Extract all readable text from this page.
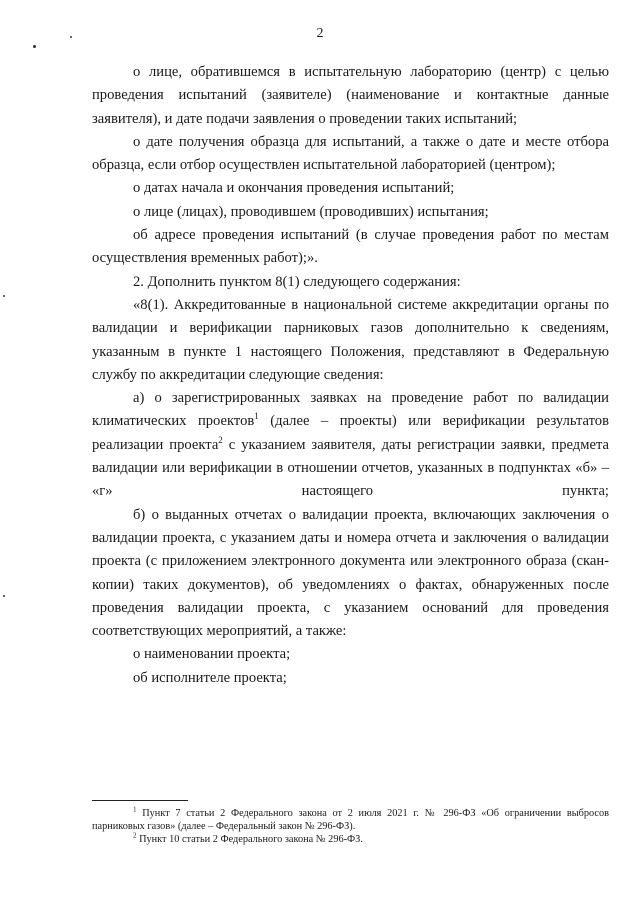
2

о лице, обратившемся в испытательную лабораторию (центр) с целью проведения испытаний (заявителе) (наименование и контактные данные заявителя), и дате подачи заявления о проведении таких испытаний;

о дате получения образца для испытаний, а также о дате и месте отбора образца, если отбор осуществлен испытательной лабораторией (центром);

о датах начала и окончания проведения испытаний;

о лице (лицах), проводившем (проводивших) испытания;

об адресе проведения испытаний (в случае проведения работ по местам осуществления временных работ);».

2. Дополнить пунктом 8(1) следующего содержания:

«8(1). Аккредитованные в национальной системе аккредитации органы по валидации и верификации парниковых газов дополнительно к сведениям, указанным в пункте 1 настоящего Положения, представляют в Федеральную службу по аккредитации следующие сведения:

а) о зарегистрированных заявках на проведение работ по валидации климатических проектов$^1$ (далее – проекты) или верификации результатов реализации проекта$^2$ с указанием заявителя, даты регистрации заявки, предмета валидации или верификации в отношении отчетов, указанных в подпунктах «б» – «г» настоящего пункта;

б) о выданных отчетах о валидации проекта, включающих заключения о валидации проекта, с указанием даты и номера отчета и заключения о валидации проекта (с приложением электронного документа или электронного образа (скан-копии) таких документов), об уведомлениях о фактах, обнаруженных после проведения валидации проекта, с указанием оснований для проведения соответствующих мероприятий, а также:

о наименовании проекта;

об исполнителе проекта;

$^1$ Пункт 7 статьи 2 Федерального закона от 2 июля 2021 г. № 296-ФЗ «Об ограничении выбросов парниковых газов» (далее – Федеральный закон № 296-ФЗ).

$^2$ Пункт 10 статьи 2 Федерального закона № 296-ФЗ.
